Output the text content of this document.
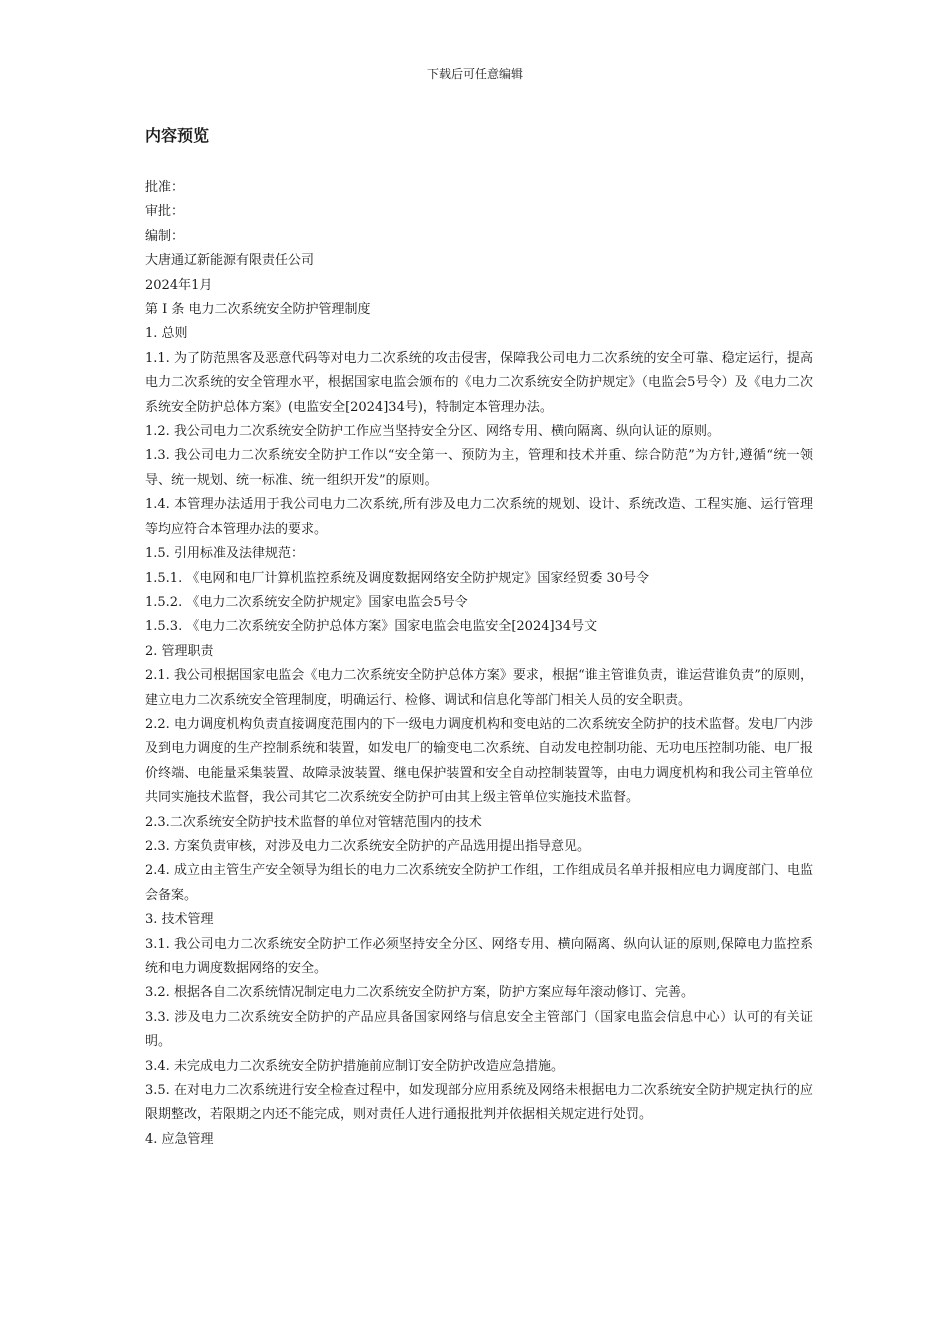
下载后可任意编辑
内容预览

批准：

审批：

编制：

大唐通辽新能源有限责任公司

2024年1月

第 I 条 电力二次系统安全防护管理制度

1. 总则

1.1. 为了防范黑客及恶意代码等对电力二次系统的攻击侵害，保障我公司电力二次系统的安全可靠、稳定运行，提高电力二次系统的安全管理水平，根据国家电监会颁布的《电力二次系统安全防护规定》（电监会5号令）及《电力二次系统安全防护总体方案》(电监安全[2024]34号)，特制定本管理办法。

1.2. 我公司电力二次系统安全防护工作应当坚持安全分区、网络专用、横向隔离、纵向认证的原则。

1.3. 我公司电力二次系统安全防护工作以“安全第一、预防为主，管理和技术并重、综合防范”为方针,遵循“统一领导、统一规划、统一标准、统一组织开发”的原则。

1.4. 本管理办法适用于我公司电力二次系统,所有涉及电力二次系统的规划、设计、系统改造、工程实施、运行管理等均应符合本管理办法的要求。

1.5. 引用标准及法律规范：

1.5.1. 《电网和电厂计算机监控系统及调度数据网络安全防护规定》国家经贸委 30号令

1.5.2. 《电力二次系统安全防护规定》国家电监会5号令

1.5.3. 《电力二次系统安全防护总体方案》国家电监会电监安全[2024]34号文

2. 管理职责

2.1. 我公司根据国家电监会《电力二次系统安全防护总体方案》要求，根据“谁主管谁负责，谁运营谁负责”的原则，建立电力二次系统安全管理制度，明确运行、检修、调试和信息化等部门相关人员的安全职责。

2.2. 电力调度机构负责直接调度范围内的下一级电力调度机构和变电站的二次系统安全防护的技术监督。发电厂内涉及到电力调度的生产控制系统和装置，如发电厂的输变电二次系统、自动发电控制功能、无功电压控制功能、电厂报价终端、电能量采集装置、故障录波装置、继电保护装置和安全自动控制装置等，由电力调度机构和我公司主管单位共同实施技术监督，我公司其它二次系统安全防护可由其上级主管单位实施技术监督。

2.3.二次系统安全防护技术监督的单位对管辖范围内的技术

2.3. 方案负责审核，对涉及电力二次系统安全防护的产品选用提出指导意见。

2.4. 成立由主管生产安全领导为组长的电力二次系统安全防护工作组，工作组成员名单并报相应电力调度部门、电监会备案。

3. 技术管理

3.1. 我公司电力二次系统安全防护工作必须坚持安全分区、网络专用、横向隔离、纵向认证的原则,保障电力监控系统和电力调度数据网络的安全。

3.2. 根据各自二次系统情况制定电力二次系统安全防护方案，防护方案应每年滚动修订、完善。

3.3. 涉及电力二次系统安全防护的产品应具备国家网络与信息安全主管部门（国家电监会信息中心）认可的有关证明。

3.4. 未完成电力二次系统安全防护措施前应制订安全防护改造应急措施。

3.5. 在对电力二次系统进行安全检查过程中，如发现部分应用系统及网络未根据电力二次系统安全防护规定执行的应限期整改，若限期之内还不能完成，则对责任人进行通报批判并依据相关规定进行处罚。

4. 应急管理
